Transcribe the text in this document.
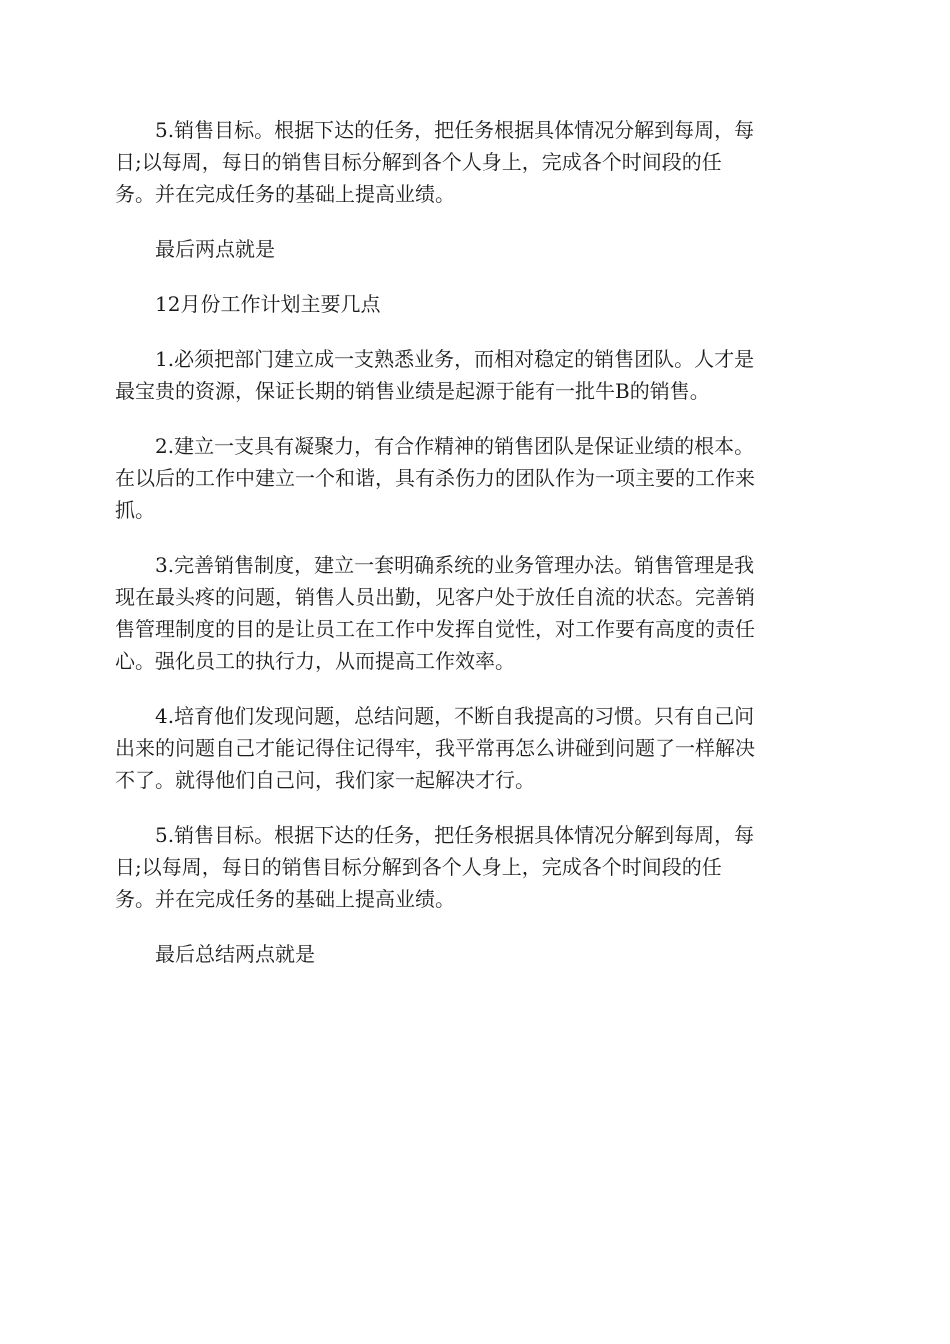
5.销售目标。根据下达的任务，把任务根据具体情况分解到每周，每
日;以每周，每日的销售目标分解到各个人身上，完成各个时间段的任
务。并在完成任务的基础上提高业绩。

最后两点就是

12月份工作计划主要几点

1.必须把部门建立成一支熟悉业务，而相对稳定的销售团队。人才是
最宝贵的资源，保证长期的销售业绩是起源于能有一批牛B的销售。

2.建立一支具有凝聚力，有合作精神的销售团队是保证业绩的根本。
在以后的工作中建立一个和谐，具有杀伤力的团队作为一项主要的工作来
抓。

3.完善销售制度，建立一套明确系统的业务管理办法。销售管理是我
现在最头疼的问题，销售人员出勤，见客户处于放任自流的状态。完善销
售管理制度的目的是让员工在工作中发挥自觉性，对工作要有高度的责任
心。强化员工的执行力，从而提高工作效率。

4.培育他们发现问题，总结问题，不断自我提高的习惯。只有自己问
出来的问题自己才能记得住记得牢，我平常再怎么讲碰到问题了一样解决
不了。就得他们自己问，我们家一起解决才行。

5.销售目标。根据下达的任务，把任务根据具体情况分解到每周，每
日;以每周，每日的销售目标分解到各个人身上，完成各个时间段的任
务。并在完成任务的基础上提高业绩。

最后总结两点就是
